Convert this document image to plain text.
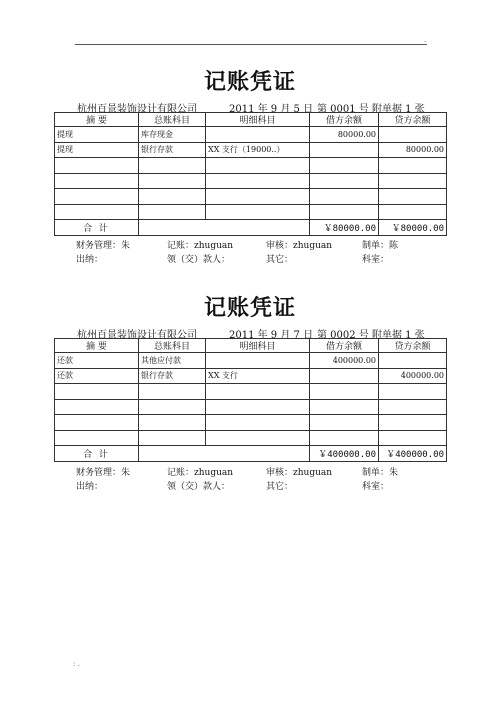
.
记账凭证
杭州百景装饰设计有限公司	2011 年 9 月 5 日 第 0001 号 附单据 1 张
摘 要	总账科目	明细科目	借方余额	贷方余额
提现	库存现金		80000.00	
提现	银行存款	XX 支行（19000..）		80000.00

合 计			￥80000.00	￥80000.00
财务管理：朱	记账：zhuguan	审核：zhuguan	制单：陈
出纳：	领（交）款人：	其它：	科室：
记账凭证
杭州百景装饰设计有限公司	2011 年 9 月 7 日 第 0002 号 附单据 1 张
摘 要	总账科目	明细科目	借方余额	贷方余额
还款	其他应付款		400000.00	
还款	银行存款	XX 支行		400000.00

合 计			￥400000.00	￥400000.00
财务管理：朱	记账：zhuguan	审核：zhuguan	制单：朱
出纳：	领（交）款人：	其它：	科室：
: .
